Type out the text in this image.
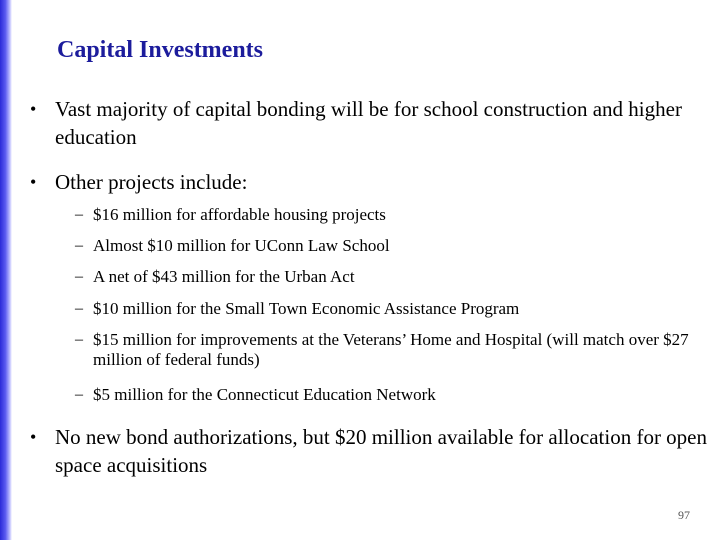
Capital Investments
• Vast majority of capital bonding will be for school construction and higher education
• Other projects include:
– $16 million for affordable housing projects
– Almost $10 million for UConn Law School
– A net of $43 million for the Urban Act
– $10 million for the Small Town Economic Assistance Program
– $15 million for improvements at the Veterans’ Home and Hospital (will match over $27 million of federal funds)
– $5 million for the Connecticut Education Network
• No new bond authorizations, but $20 million available for allocation for open space acquisitions
97
